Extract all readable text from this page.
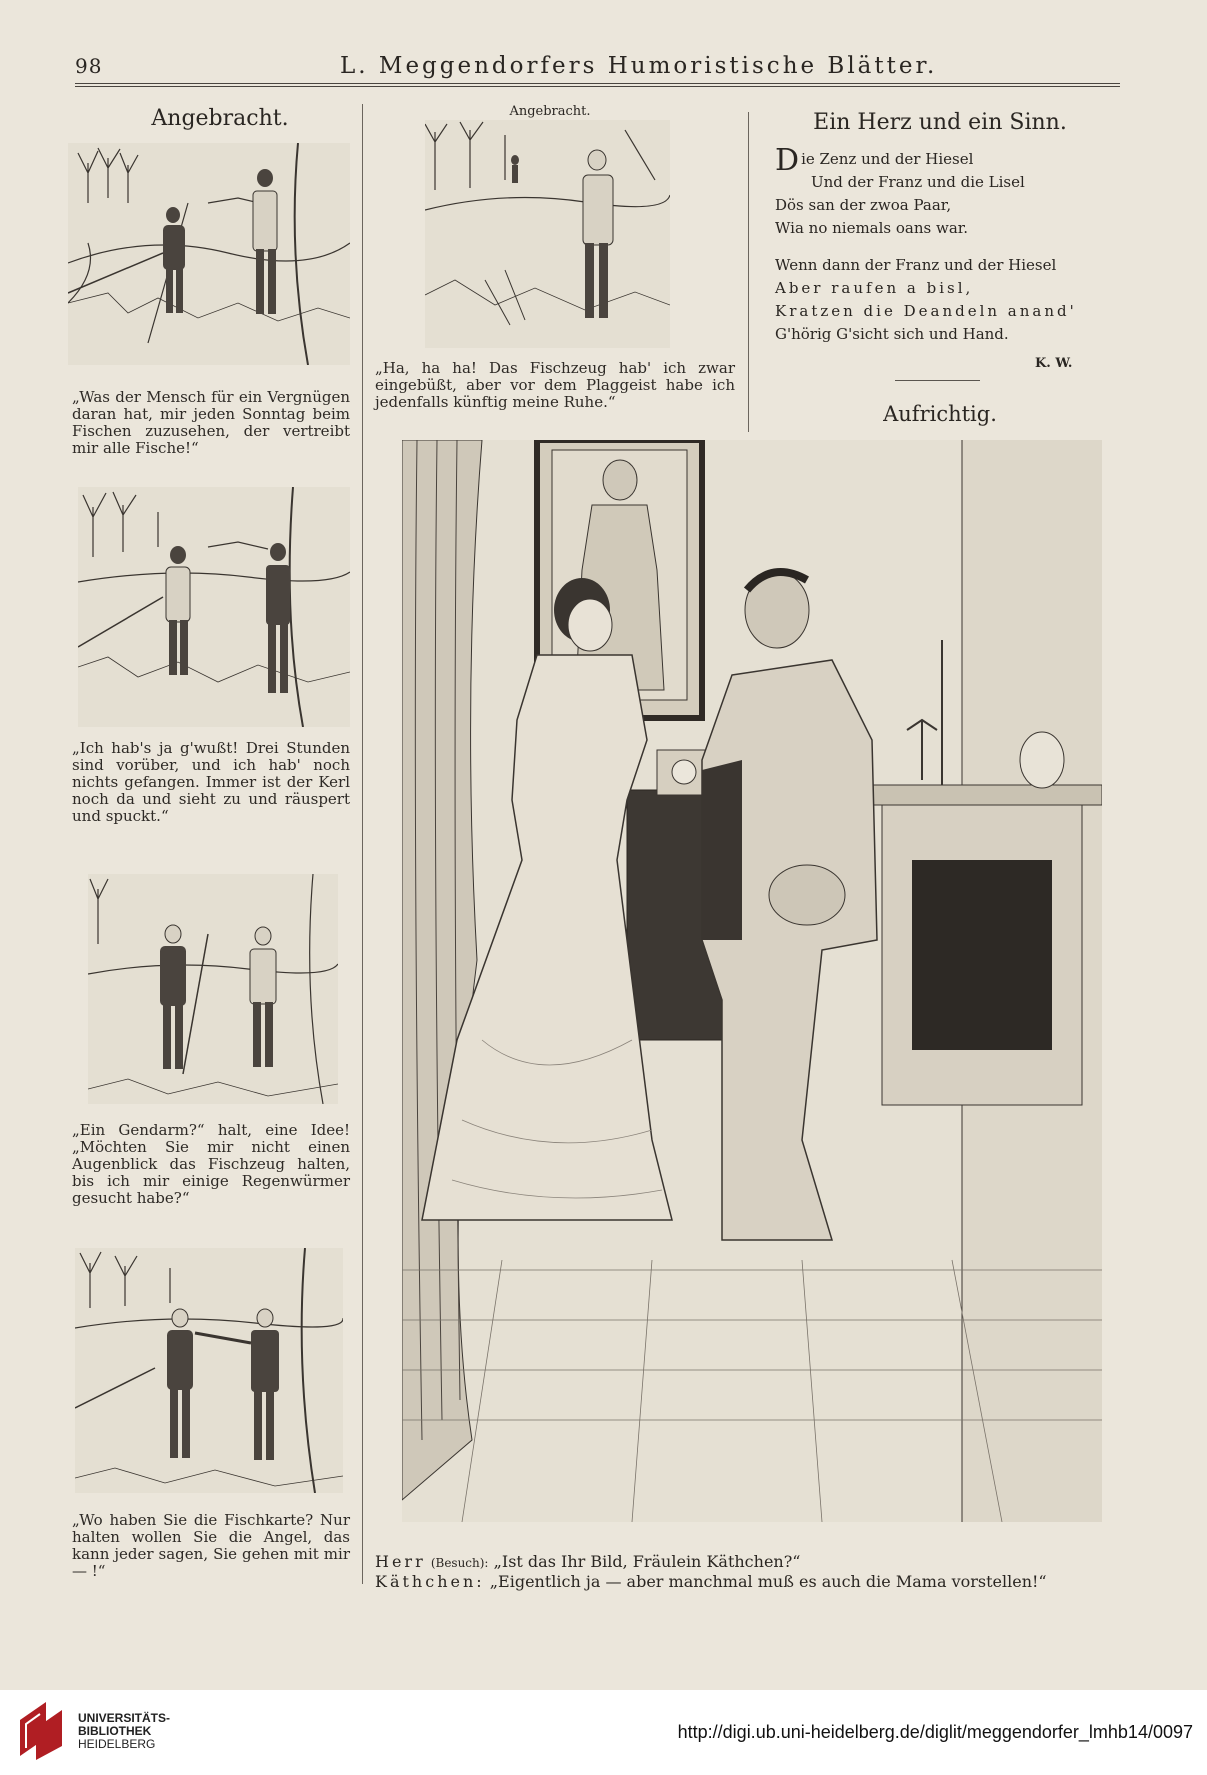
98	L. Meggendorfers Humoristische Blätter.
Angebracht.
„Was der Mensch für ein Vergnügen daran hat, mir jeden Sonntag beim Fischen zuzusehen, der vertreibt mir alle Fische!“
„Ich hab's ja g'wußt! Drei Stunden sind vorüber, und ich hab' noch nichts gefangen. Immer ist der Kerl noch da und sieht zu und räuspert und spuckt.“
„Ein Gendarm?“ halt, eine Idee! „Möchten Sie mir nicht einen Augenblick das Fischzeug halten, bis ich mir einige Regenwürmer gesucht habe?“
„Wo haben Sie die Fischkarte? Nur halten wollen Sie die Angel, das kann jeder sagen, Sie gehen mit mir — !“
Angebracht.
„Ha, ha ha! Das Fischzeug hab' ich zwar eingebüßt, aber vor dem Plaggeist habe ich jedenfalls künftig meine Ruhe.“
Ein Herz und ein Sinn.
D ie Zenz und der Hiesel
Und der Franz und die Lisel
Dös san der zwoa Paar,
Wia no niemals oans war.
Wenn dann der Franz und der Hiesel
Aber raufen a bisl,
Kratzen die Deandeln anand'
G'hörig G'sicht sich und Hand.
K. W.
Aufrichtig.
Herr (Besuch): „Ist das Ihr Bild, Fräulein Käthchen?“
Käthchen: „Eigentlich ja — aber manchmal muß es auch die Mama vorstellen!“
UNIVERSITÄTS-
BIBLIOTHEK
HEIDELBERG
http://digi.ub.uni-heidelberg.de/diglit/meggendorfer_lmhb14/0097
